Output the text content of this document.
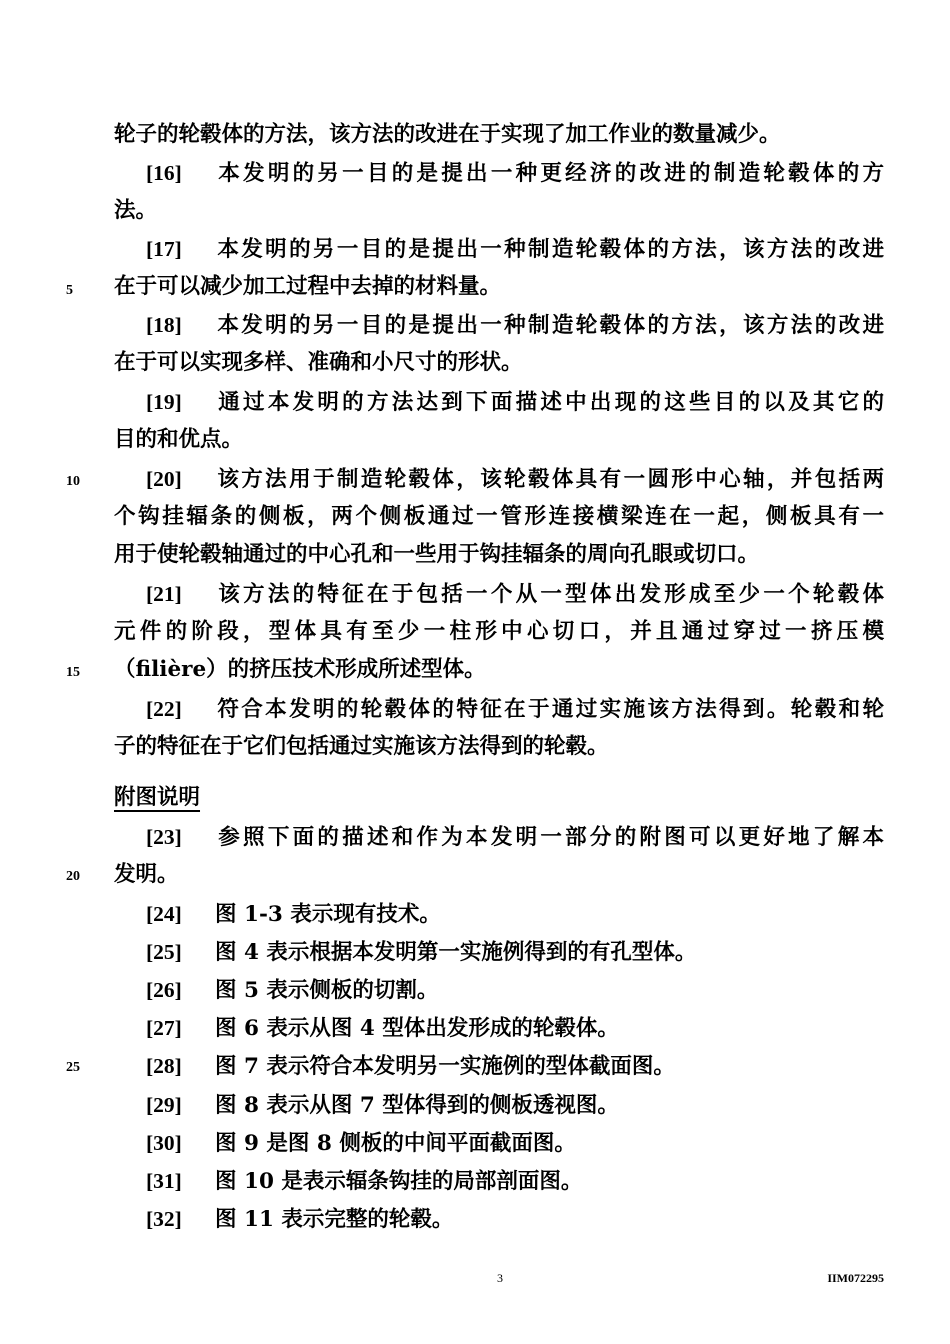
轮子的轮毂体的方法，该方法的改进在于实现了加工作业的数量减少。
[16] 本发明的另一目的是提出一种更经济的改进的制造轮毂体的方
法。
[17] 本发明的另一目的是提出一种制造轮毂体的方法，该方法的改进
在于可以减少加工过程中去掉的材料量。
[18] 本发明的另一目的是提出一种制造轮毂体的方法，该方法的改进
在于可以实现多样、准确和小尺寸的形状。
[19] 通过本发明的方法达到下面描述中出现的这些目的以及其它的
目的和优点。
[20] 该方法用于制造轮毂体，该轮毂体具有一圆形中心轴，并包括两
个钩挂辐条的侧板，两个侧板通过一管形连接横梁连在一起，侧板具有一
用于使轮毂轴通过的中心孔和一些用于钩挂辐条的周向孔眼或切口。
[21] 该方法的特征在于包括一个从一型体出发形成至少一个轮毂体
元件的阶段，型体具有至少一柱形中心切口，并且通过穿过一挤压模
（filière）的挤压技术形成所述型体。
[22] 符合本发明的轮毂体的特征在于通过实施该方法得到。轮毂和轮
子的特征在于它们包括通过实施该方法得到的轮毂。
附图说明
[23] 参照下面的描述和作为本发明一部分的附图可以更好地了解本
发明。
[24] 图 1-3 表示现有技术。
[25] 图 4 表示根据本发明第一实施例得到的有孔型体。
[26] 图 5 表示侧板的切割。
[27] 图 6 表示从图 4 型体出发形成的轮毂体。
[28] 图 7 表示符合本发明另一实施例的型体截面图。
[29] 图 8 表示从图 7 型体得到的侧板透视图。
[30] 图 9 是图 8 侧板的中间平面截面图。
[31] 图 10 是表示辐条钩挂的局部剖面图。
[32] 图 11 表示完整的轮毂。
5
10
15
20
25
3	IIM072295
